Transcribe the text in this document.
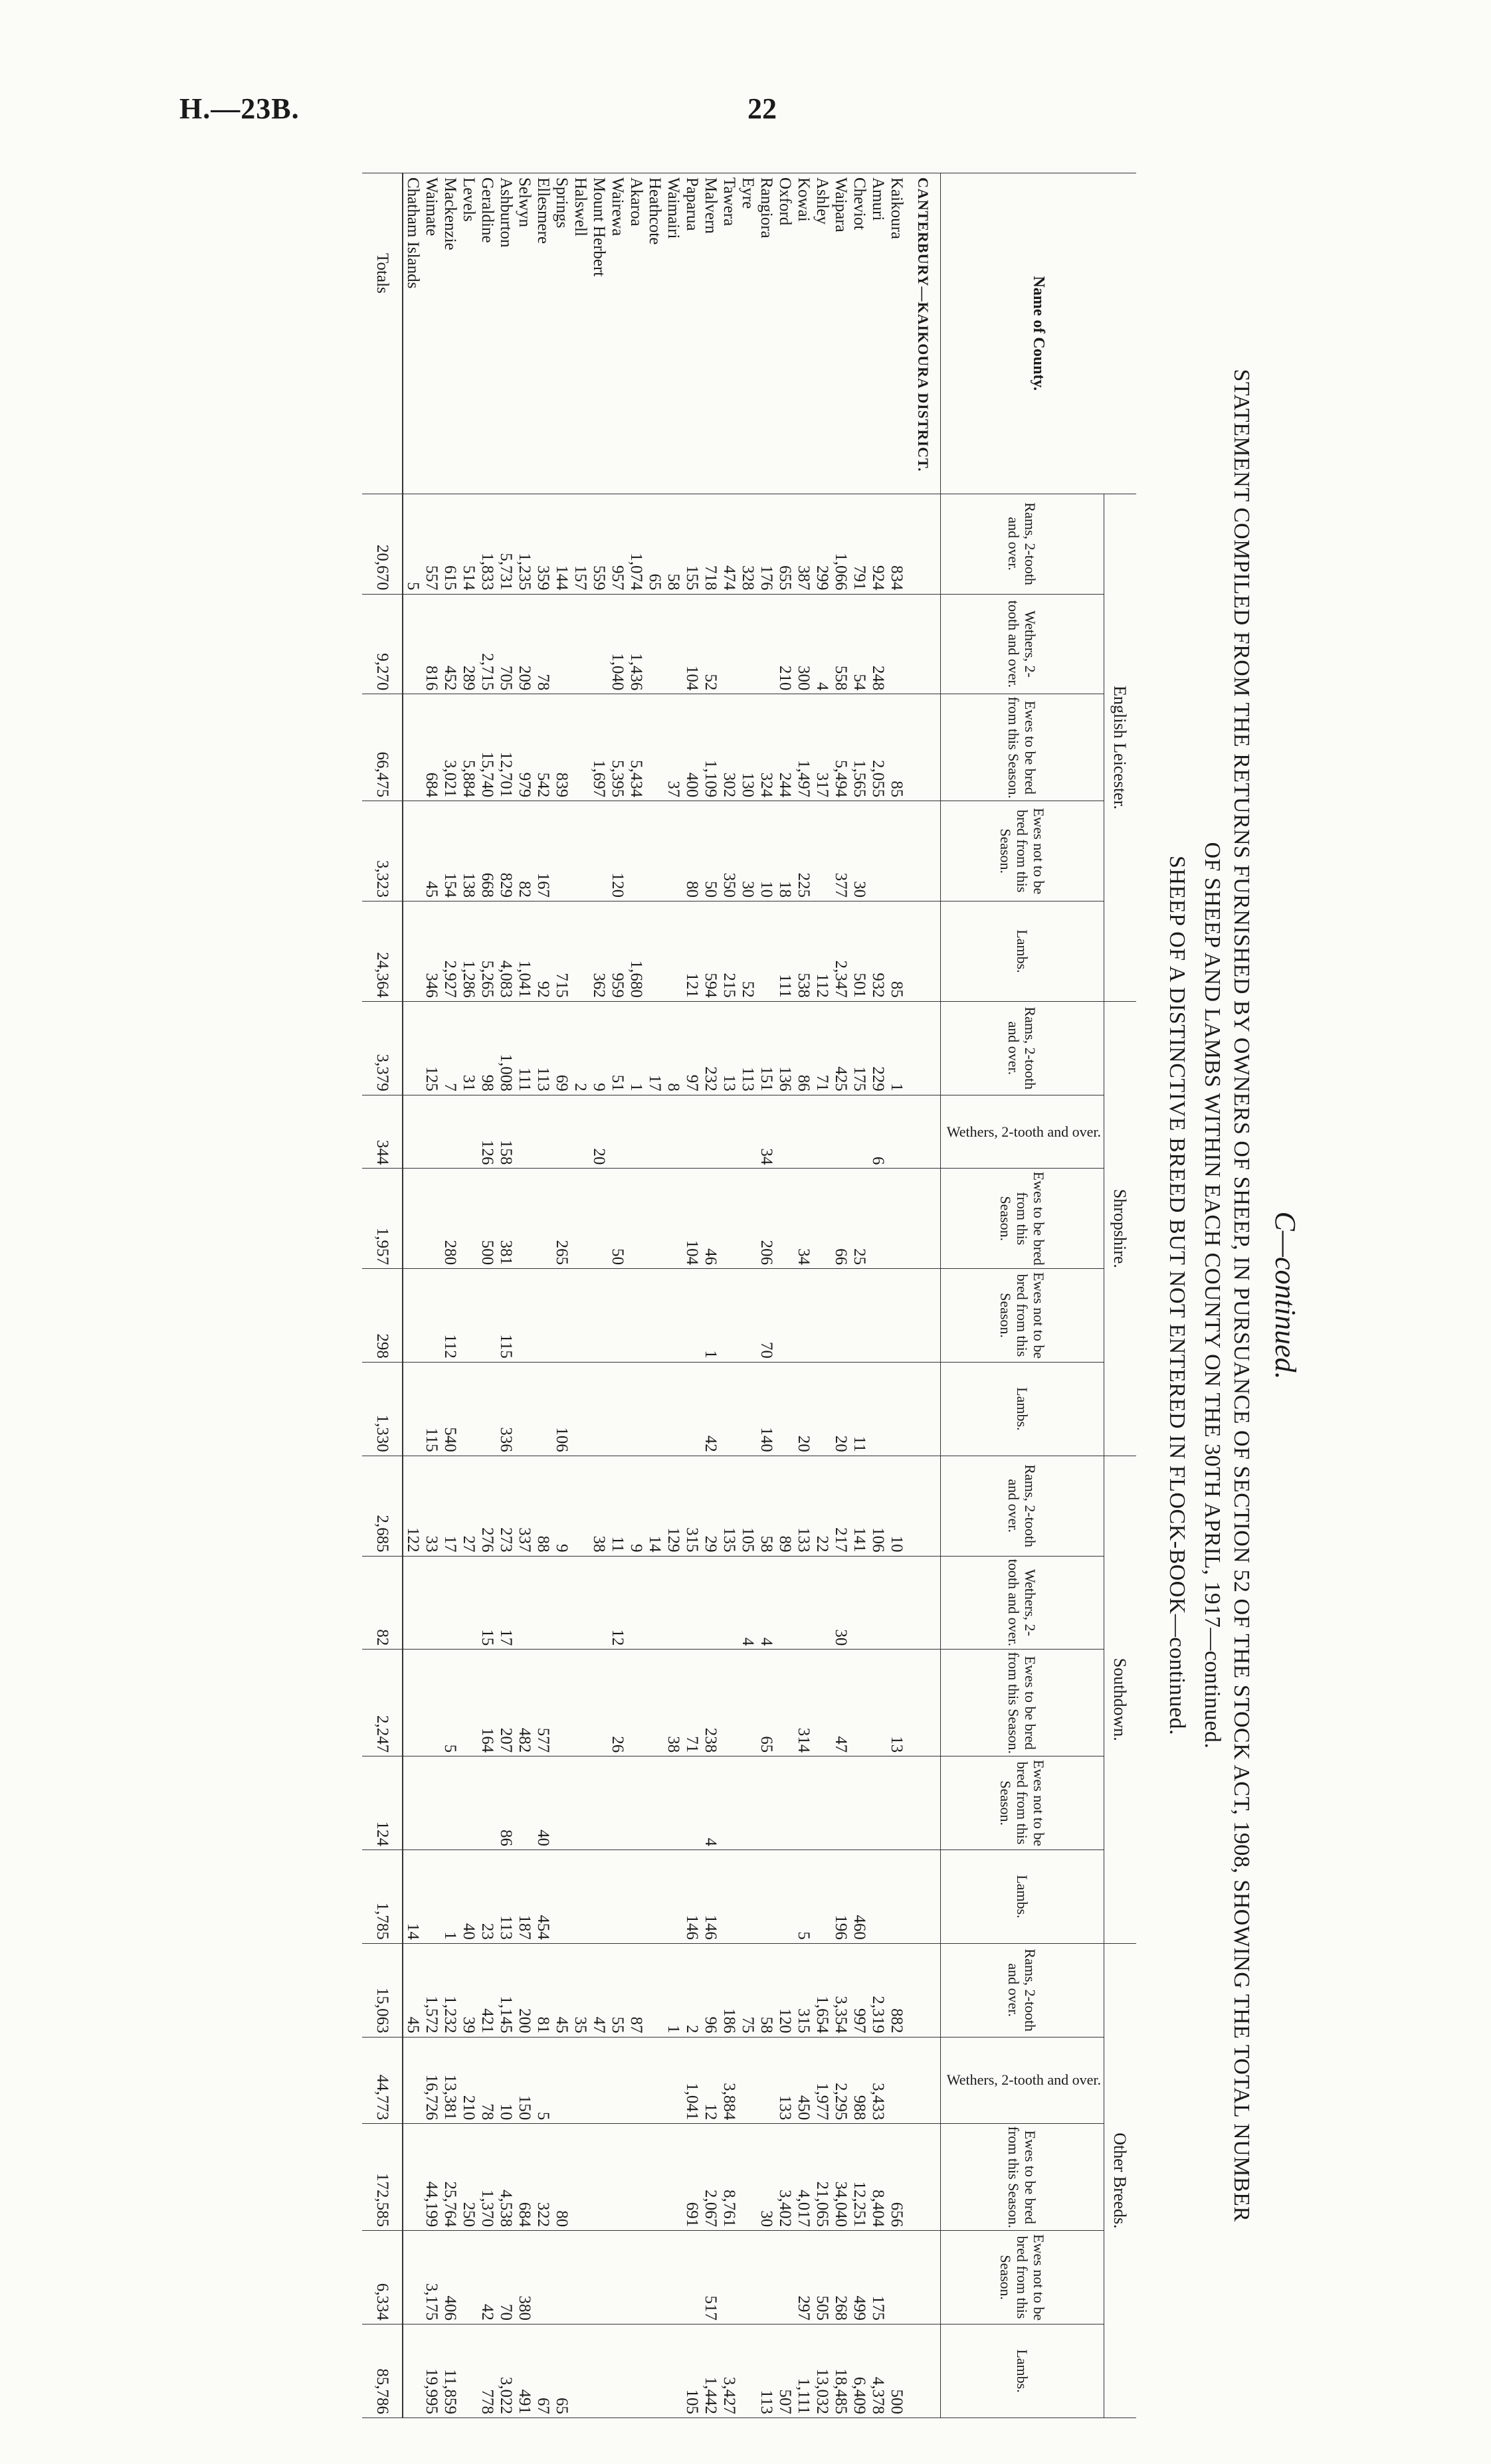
H.—23B.	22
C—continued.
STATEMENT COMPILED FROM THE RETURNS FURNISHED BY OWNERS OF SHEEP, IN PURSUANCE OF SECTION 52 OF THE STOCK ACT, 1908, SHOWING THE TOTAL NUMBER
OF SHEEP AND LAMBS WITHIN EACH COUNTY ON THE 30TH APRIL, 1917—continued.
SHEEP OF A DISTINCTIVE BREED BUT NOT ENTERED IN FLOCK-BOOK—continued.
Name of County.	English Leicester.					Shropshire.					Southdown.					Other Breeds.				
	Rams, 2-tooth and over.	Wethers, 2-tooth and over.	Ewes to be bred from this Season.	Ewes not to be bred from this Season.	Lambs.	Rams, 2-tooth and over.	Wethers, 2-tooth and over.	Ewes to be bred from this Season.	Ewes not to be bred from this Season.	Lambs.	Rams, 2-tooth and over.	Wethers, 2-tooth and over.	Ewes to be bred from this Season.	Ewes not to be bred from this Season.	Lambs.	Rams, 2-tooth and over.	Wethers, 2-tooth and over.	Ewes to be bred from this Season.	Ewes not to be bred from this Season.	Lambs.
CANTERBURY—KAIKOURA DISTRICT.																				
Kaikoura	834		85		85	1					10		13			882		656		500
Amuri	924	248	2,055		932	229	6				106					2,319	3,433	8,404	175	4,378
Cheviot	791	54	1,565	30	501	175		25		11	141				460	997	988	12,251	499	6,409
Waipara	1,066	558	5,494	377	2,347	425		66		20	217	30	47		196	3,354	2,295	34,040	268	18,485
Ashley	299	4	317		112	71					22					1,654	1,977	21,065	505	13,032
Kowai	387	300	1,497	225	538	86		34		20	133		314		5	315	450	4,017	297	1,111
Oxford	655	210	244	18	111	136					89					120	133	3,402		507
Rangiora	176		324	10		151	34	206	70	140	58	4	65			58		30		113
Eyre	328		130	30	52	113					105	4				75				
Tawera	474		302	350	215	13					135					186	3,884	8,761		3,427
Malvern	718	52	1,109	50	594	232		46	1	42	29		238	4	146	96	12	2,067	517	1,442
Paparua	155	104	400	80	121	97		104			315		71		146	2	1,041	691		105
Waimairi	58		37			8					129		38			1				
Heathcote	65					17					14									
Akaroa	1,074	1,436	5,434		1,680	1					9					87				
Wairewa	957	1,040	5,395	120	959	51		50			11	12	26			55				
Mount Herbert	559		1,697		362	9	20				38					47				
Halswell	157					2										35				
Springs	144		839		715	69		265		106	9					45		80		65
Ellesmere	359	78	542	167	92	113					88		577	40	454	81	5	322		67
Selwyn	1,235	209	979	82	1,041	111					337		482		187	200	150	684	380	491
Ashburton	5,731	705	12,701	829	4,083	1,008	158	381	115	336	273	17	207	86	113	1,145	10	4,538	70	3,022
Geraldine	1,833	2,715	15,740	668	5,265	98	126	500			276	15	164		23	421	78	1,370	42	778
Levels	514	289	5,884	138	1,286	31					27				40	39	210	250		
Mackenzie	615	452	3,021	154	2,927	7		280	112	540	17		5		1	1,232	13,381	25,764	406	11,859
Waimate	557	816	684	45	346	125				115	33					1,572	16,726	44,199	3,175	19,995
Chatham Islands	5										122				14	45				
Totals	20,670	9,270	66,475	3,323	24,364	3,379	344	1,957	298	1,330	2,685	82	2,247	124	1,785	15,063	44,773	172,585	6,334	85,786
